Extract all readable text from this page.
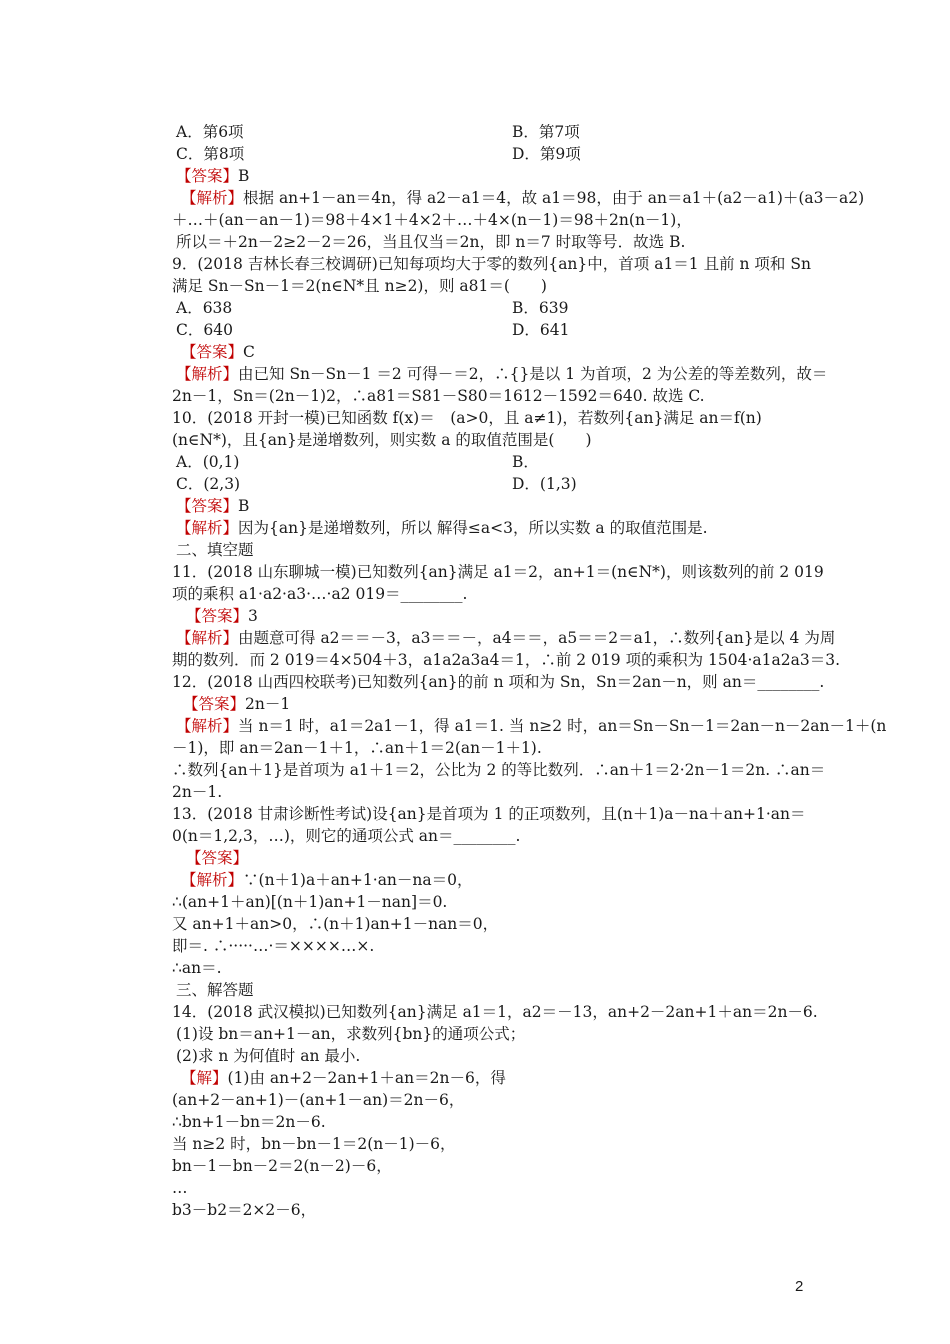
A．第6项	B．第7项
C．第8项	D．第9项
【答案】B
【解析】根据 an+1－an＝4n，得 a2－a1＝4，故 a1＝98，由于 an＝a1＋(a2－a1)＋(a3－a2)
＋…＋(an－an－1)＝98＋4×1＋4×2＋…＋4×(n－1)＝98＋2n(n－1)，
所以＝＋2n－2≥2－2＝26，当且仅当＝2n，即 n＝7 时取等号．故选 B.
9．(2018 吉林长春三校调研)已知每项均大于零的数列{an}中，首项 a1＝1 且前 n 项和 Sn
满足 Sn－Sn－1＝2(n∈N*且 n≥2)，则 a81＝(　　)
A．638	B．639
C．640	D．641
【答案】C
【解析】由已知 Sn－Sn－1 ＝2 可得－＝2，∴{}是以 1 为首项，2 为公差的等差数列，故＝
2n－1，Sn＝(2n－1)2，∴a81＝S81－S80＝1612－1592＝640. 故选 C.
10．(2018 开封一模)已知函数 f(x)＝　(a>0，且 a≠1)，若数列{an}满足 an＝f(n)
(n∈N*)，且{an}是递增数列，则实数 a 的取值范围是(　　)
A．(0,1)	B．
C．(2,3)	D．(1,3)
【答案】B
【解析】因为{an}是递增数列，所以 解得≤a<3，所以实数 a 的取值范围是.
二、填空题
11．(2018 山东聊城一模)已知数列{an}满足 a1＝2，an+1＝(n∈N*)，则该数列的前 2 019
项的乘积 a1·a2·a3·…·a2 019＝________.
【答案】3
【解析】由题意可得 a2＝＝－3，a3＝＝－，a4＝＝，a5＝＝2＝a1，∴数列{an}是以 4 为周
期的数列．而 2 019＝4×504＋3，a1a2a3a4＝1，∴前 2 019 项的乘积为 1504·a1a2a3＝3.
12．(2018 山西四校联考)已知数列{an}的前 n 项和为 Sn，Sn＝2an－n，则 an＝________.
【答案】2n－1
【解析】当 n＝1 时，a1＝2a1－1，得 a1＝1. 当 n≥2 时，an＝Sn－Sn－1＝2an－n－2an－1＋(n
－1)，即 an＝2an－1＋1，∴an＋1＝2(an－1＋1).
∴数列{an＋1}是首项为 a1＋1＝2，公比为 2 的等比数列．∴an＋1＝2·2n－1＝2n. ∴an＝
2n－1.
13．(2018 甘肃诊断性考试)设{an}是首项为 1 的正项数列，且(n＋1)a－na＋an+1·an＝
0(n＝1,2,3，…)，则它的通项公式 an＝________.
【答案】
【解析】∵(n＋1)a＋an+1·an－na＝0，
∴(an+1＋an)[(n＋1)an+1－nan]＝0.
又 an+1＋an>0，∴(n＋1)an+1－nan＝0，
即＝. ∴·····…·＝××××…×.
∴an＝.
三、解答题
14．(2018 武汉模拟)已知数列{an}满足 a1＝1，a2＝－13，an+2－2an+1＋an＝2n－6.
(1)设 bn＝an+1－an，求数列{bn}的通项公式；
(2)求 n 为何值时 an 最小.
【解】(1)由 an+2－2an+1＋an＝2n－6，得
(an+2－an+1)－(an+1－an)＝2n－6，
∴bn+1－bn＝2n－6.
当 n≥2 时，bn－bn－1＝2(n－1)－6，
bn－1－bn－2＝2(n－2)－6，
…
b3－b2＝2×2－6，
2
